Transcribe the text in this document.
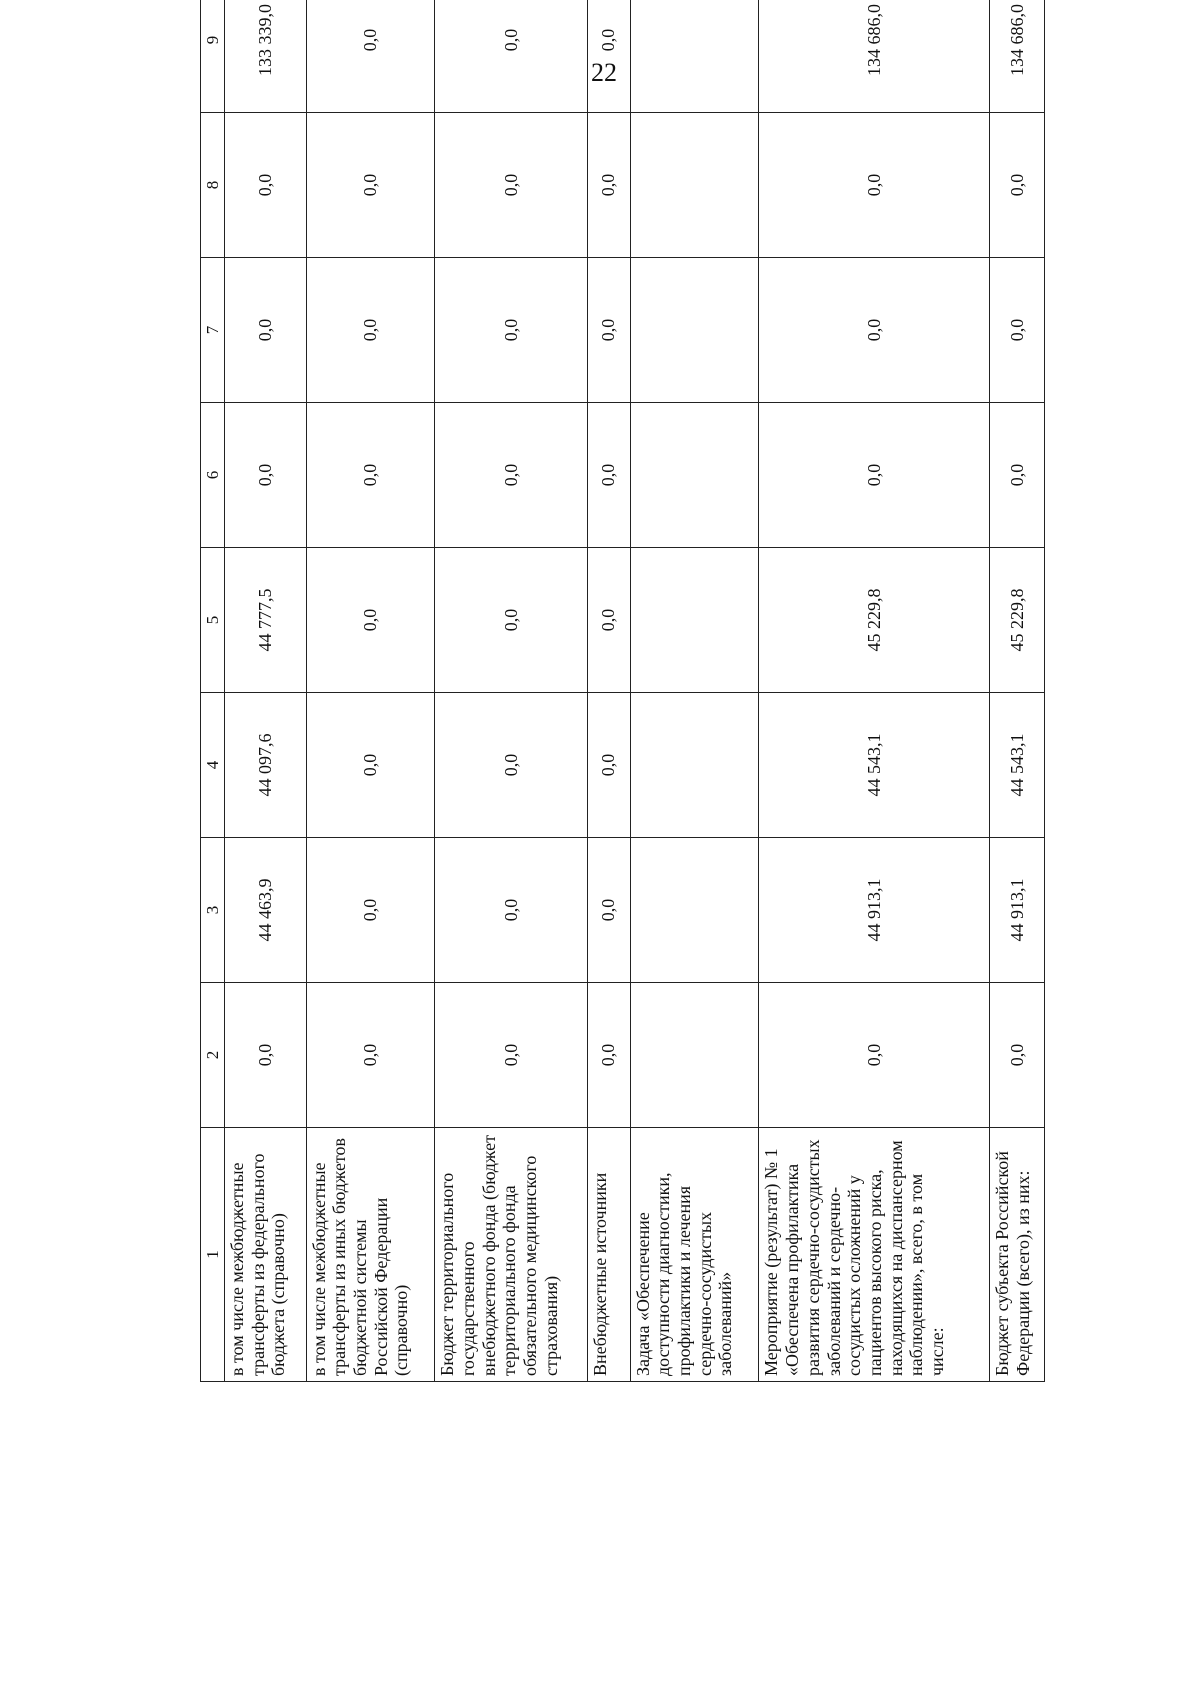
22
1	2	3	4	5	6	7	8	9
в том числе межбюджетные трансферты из федерального бюджета (справочно)	0,0	44 463,9	44 097,6	44 777,5	0,0	0,0	0,0	133 339,0
в том числе межбюджетные трансферты из иных бюджетов бюджетной системы Российской Федерации (справочно)	0,0	0,0	0,0	0,0	0,0	0,0	0,0	0,0
Бюджет территориального государственного внебюджетного фонда (бюджет территориального фонда обязательного медицинского страхования)	0,0	0,0	0,0	0,0	0,0	0,0	0,0	0,0
Внебюджетные источники	0,0	0,0	0,0	0,0	0,0	0,0	0,0	0,0
Задача «Обеспечение доступности диагностики, профилактики и лечения сердечно-сосудистых заболеваний»								
Мероприятие (результат) № 1 «Обеспечена профилактика развития сердечно-сосудистых заболеваний и сердечно-сосудистых осложнений у пациентов высокого риска, находящихся на диспансерном наблюдении», всего, в том числе:	0,0	44 913,1	44 543,1	45 229,8	0,0	0,0	0,0	134 686,0
Бюджет субъекта Российской Федерации (всего), из них:	0,0	44 913,1	44 543,1	45 229,8	0,0	0,0	0,0	134 686,0
